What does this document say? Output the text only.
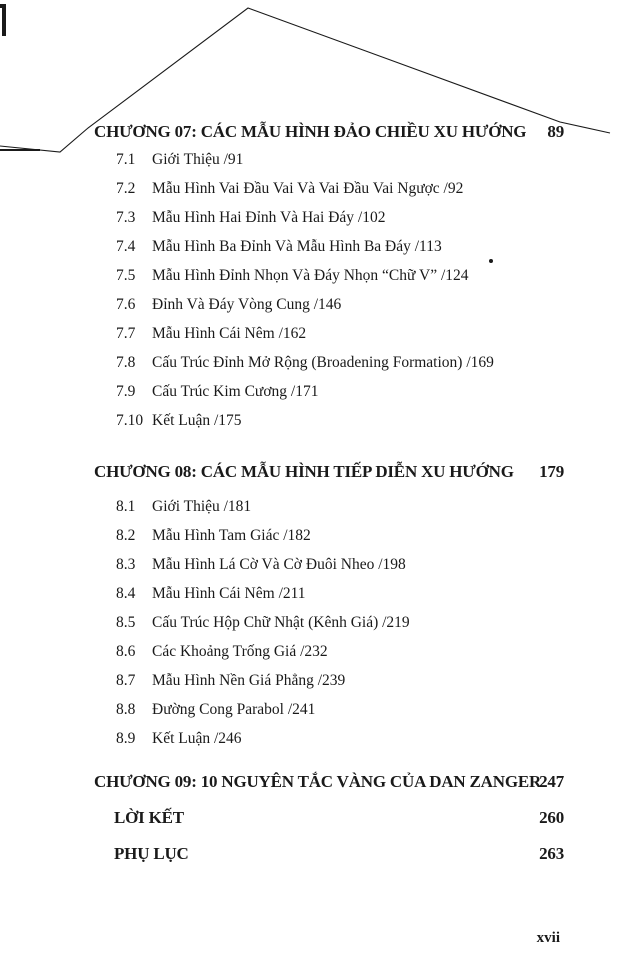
CHƯƠNG 07: CÁC MẪU HÌNH ĐẢO CHIỀU XU HƯỚNG 89
7.1 Giới Thiệu /91
7.2 Mẫu Hình Vai Đầu Vai Và Vai Đầu Vai Ngược /92
7.3 Mẫu Hình Hai Đỉnh Và Hai Đáy /102
7.4 Mẫu Hình Ba Đỉnh Và Mẫu Hình Ba Đáy /113
7.5 Mẫu Hình Đỉnh Nhọn Và Đáy Nhọn “Chữ V” /124
7.6 Đỉnh Và Đáy Vòng Cung /146
7.7 Mẫu Hình Cái Nêm /162
7.8 Cấu Trúc Đỉnh Mở Rộng (Broadening Formation) /169
7.9 Cấu Trúc Kim Cương /171
7.10 Kết Luận /175
CHƯƠNG 08: CÁC MẪU HÌNH TIẾP DIỄN XU HƯỚNG 179
8.1 Giới Thiệu /181
8.2 Mẫu Hình Tam Giác /182
8.3 Mẫu Hình Lá Cờ Và Cờ Đuôi Nheo /198
8.4 Mẫu Hình Cái Nêm /211
8.5 Cấu Trúc Hộp Chữ Nhật (Kênh Giá) /219
8.6 Các Khoảng Trống Giá /232
8.7 Mẫu Hình Nền Giá Phẳng /239
8.8 Đường Cong Parabol /241
8.9 Kết Luận /246
CHƯƠNG 09: 10 NGUYÊN TẮC VÀNG CỦA DAN ZANGER
247
LỜI KẾT	260
PHỤ LỤC	263
xvii
